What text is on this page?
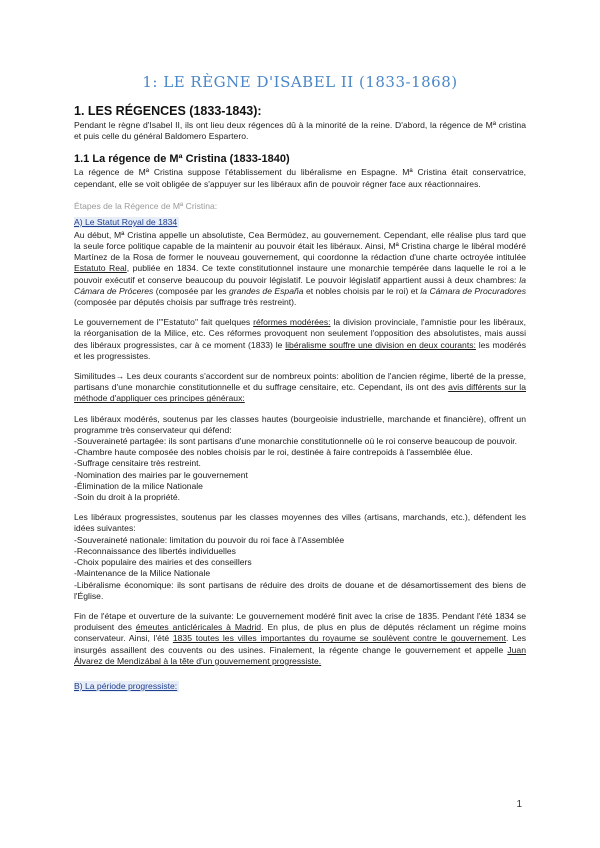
1: LE RÈGNE D'ISABEL II (1833-1868)
1. LES RÉGENCES (1833-1843):

Pendant le règne d'Isabel II, ils ont lieu deux régences dû à la minorité de la reine. D'abord, la régence de Mª cristina et puis celle du général Baldomero Espartero.

1.1 La régence de Mª Cristina (1833-1840)

La régence de Mª Cristina suppose l'établissement du libéralisme en Espagne. Mª Cristina était conservatrice, cependant, elle se voit obligée de s'appuyer sur les libéraux afin de pouvoir régner face aux réactionnaires.

Étapes de la Régence de Mª Cristina:
A) Le Statut Royal de 1834

Au début, Mª Cristina appelle un absolutiste, Cea Bermúdez, au gouvernement. Cependant, elle réalise plus tard que la seule force politique capable de la maintenir au pouvoir était les libéraux. Ainsi, Mª Cristina charge le libéral modéré Martínez de la Rosa de former le nouveau gouvernement, qui coordonne la rédaction d'une charte octroyée intitulée Estatuto Real, publiée en 1834. Ce texte constitutionnel instaure une monarchie tempérée dans laquelle le roi a le pouvoir exécutif et conserve beaucoup du pouvoir législatif. Le pouvoir législatif appartient aussi à deux chambres: la Cámara de Próceres (composée par les grandes de España et nobles choisis par le roi) et la Cámara de Procuradores (composée par députés choisis par suffrage très restreint).

Le gouvernement de l'"Estatuto" fait quelques réformes modérées: la division provinciale, l'amnistie pour les libéraux, la réorganisation de la Milice, etc. Ces réformes provoquent non seulement l'opposition des absolutistes, mais aussi des libéraux progressistes, car à ce moment (1833) le libéralisme souffre une division en deux courants: les modérés et les progressistes.

Similitudes→ Les deux courants s'accordent sur de nombreux points: abolition de l'ancien régime, liberté de la presse, partisans d'une monarchie constitutionnelle et du suffrage censitaire, etc. Cependant, ils ont des avis différents sur la méthode d'appliquer ces principes généraux:

Les libéraux modérés, soutenus par les classes hautes (bourgeoisie industrielle, marchande et financière), offrent un programme très conservateur qui défend:

-Souveraineté partagée: ils sont partisans d'une monarchie constitutionnelle où le roi conserve beaucoup de pouvoir.
-Chambre haute composée des nobles choisis par le roi, destinée à faire contrepoids à l'assemblée élue.
-Suffrage censitaire très restreint.
-Nomination des mairies par le gouvernement
-Élimination de la milice Nationale
-Soin du droit à la propriété.

Les libéraux progressistes, soutenus par les classes moyennes des villes (artisans, marchands, etc.), défendent les idées suivantes:

-Souveraineté nationale: limitation du pouvoir du roi face à l'Assemblée
-Reconnaissance des libertés individuelles
-Choix populaire des mairies et des conseillers
-Maintenance de la Milice Nationale
-Libéralisme économique: ils sont partisans de réduire des droits de douane et de désamortissement des biens de l'Église.

Fin de l'étape et ouverture de la suivante: Le gouvernement modéré finit avec la crise de 1835. Pendant l'été 1834 se produisent des émeutes anticléricales à Madrid. En plus, de plus en plus de députés réclament un régime moins conservateur. Ainsi, l'été 1835 toutes les villes importantes du royaume se soulèvent contre le gouvernement. Les insurgés assaillent des couvents ou des usines. Finalement, la régente change le gouvernement et appelle Juan Álvarez de Mendizábal à la tête d'un gouvernement progressiste.

B) La période progressiste:
1
